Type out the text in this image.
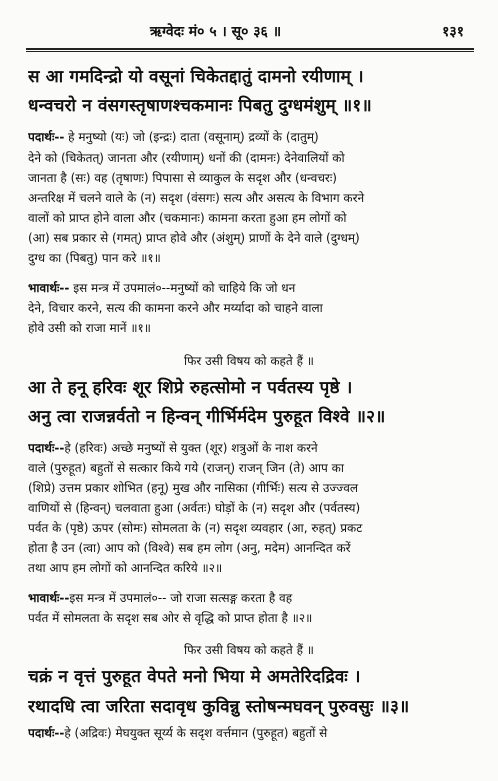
ऋग्वेदः मं० ५ । सू० ३६ ॥	१३१
स आ गमदिन्द्रो यो वसूनां चिकेतद्दातुं दामनो रयीणाम् ।
धन्वचरो न वंसगस्तृषाणश्चकमानः पिबतु दुग्धमंशुम् ॥१॥
पदार्थः-- हे मनुष्यो (यः) जो (इन्द्रः) दाता (वसूनाम्) द्रव्यों के (दातुम्)
देने को (चिकेतत्) जानता और (रयीणाम्) धनों की (दामनः) देनेवालियों को
जानता है (सः) वह (तृषाणः) पिपासा से व्याकुल के सदृश और (धन्वचरः)
अन्तरिक्ष में चलने वाले के (न) सदृश (वंसगः) सत्य और असत्य के विभाग करने
वालों को प्राप्त होने वाला और (चकमानः) कामना करता हुआ हम लोगों को
(आ) सब प्रकार से (गमत्) प्राप्त होवे और (अंशुम्) प्राणों के देने वाले (दुग्धम्)
दुग्ध का (पिबतु) पान करे ॥१॥
भावार्थः-- इस मन्त्र में उपमालं०--मनुष्यों को चाहिये कि जो धन
देने, विचार करने, सत्य की कामना करने और मर्य्यादा को चाहने वाला
होवे उसी को राजा मानें ॥१॥
फिर उसी विषय को कहते हैं ॥
आ ते हनू हरिवः शूर शिप्रे रुहत्सोमो न पर्वतस्य पृष्ठे ।
अनु त्वा राजन्नर्वतो न हिन्वन् गीर्भिर्मदेम पुरुहूत विश्वे ॥२॥
पदार्थः--हे (हरिवः) अच्छे मनुष्यों से युक्त (शूर) शत्रुओं के नाश करने
वाले (पुरुहूत) बहुतों से सत्कार किये गये (राजन्) राजन् जिन (ते) आप का
(शिप्रे) उत्तम प्रकार शोभित (हनू) मुख और नासिका (गीर्भिः) सत्य से उज्ज्वल
वाणियों से (हिन्वन्) चलवाता हुआ (अर्वतः) घोड़ों के (न) सदृश और (पर्वतस्य)
पर्वत के (पृष्ठे) ऊपर (सोमः) सोमलता के (न) सदृश व्यवहार (आ, रुहत्) प्रकट
होता है उन (त्वा) आप को (विश्वे) सब हम लोग (अनु, मदेम) आनन्दित करें
तथा आप हम लोगों को आनन्दित करिये ॥२॥
भावार्थः--इस मन्त्र में उपमालं०-- जो राजा सत्सङ्ग करता है वह
पर्वत में सोमलता के सदृश सब ओर से वृद्धि को प्राप्त होता है ॥२॥
फिर उसी विषय को कहते हैं ॥
चक्रं न वृत्तं पुरुहूत वेपते मनो भिया मे अमतेरिदद्रिवः ।
रथादधि त्वा जरिता सदावृध कुविन्नु स्तोषन्मघवन् पुरुवसुः ॥३॥
पदार्थः--हे (अद्रिवः) मेघयुक्त सूर्य्य के सदृश वर्त्तमान (पुरुहूत) बहुतों से
